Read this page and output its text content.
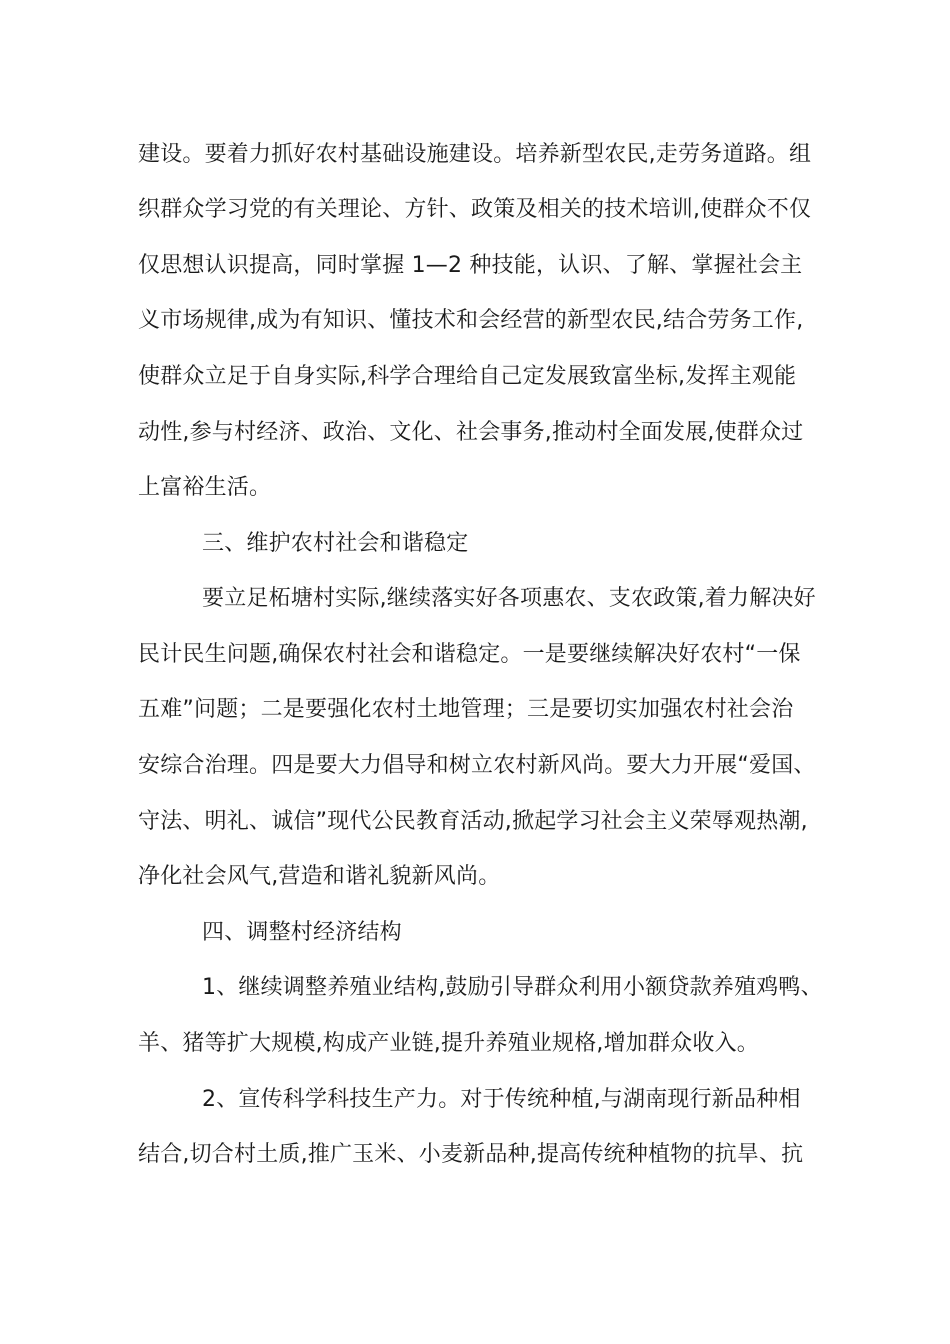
建设。要着力抓好农村基础设施建设。培养新型农民,走劳务道路。组
织群众学习党的有关理论、方针、政策及相关的技术培训,使群众不仅
仅思想认识提高，同时掌握 1—2 种技能，认识、了解、掌握社会主
义市场规律,成为有知识、懂技术和会经营的新型农民,结合劳务工作,
使群众立足于自身实际,科学合理给自己定发展致富坐标,发挥主观能
动性,参与村经济、政治、文化、社会事务,推动村全面发展,使群众过
上富裕生活。
三、维护农村社会和谐稳定
要立足柘塘村实际,继续落实好各项惠农、支农政策,着力解决好
民计民生问题,确保农村社会和谐稳定。一是要继续解决好农村“一保
五难”问题；二是要强化农村土地管理；三是要切实加强农村社会治
安综合治理。四是要大力倡导和树立农村新风尚。要大力开展“爱国、
守法、明礼、诚信”现代公民教育活动,掀起学习社会主义荣辱观热潮,
净化社会风气,营造和谐礼貌新风尚。
四、调整村经济结构
1、继续调整养殖业结构,鼓励引导群众利用小额贷款养殖鸡鸭、
羊、猪等扩大规模,构成产业链,提升养殖业规格,增加群众收入。
2、宣传科学科技生产力。对于传统种植,与湖南现行新品种相
结合,切合村土质,推广玉米、小麦新品种,提高传统种植物的抗旱、抗
